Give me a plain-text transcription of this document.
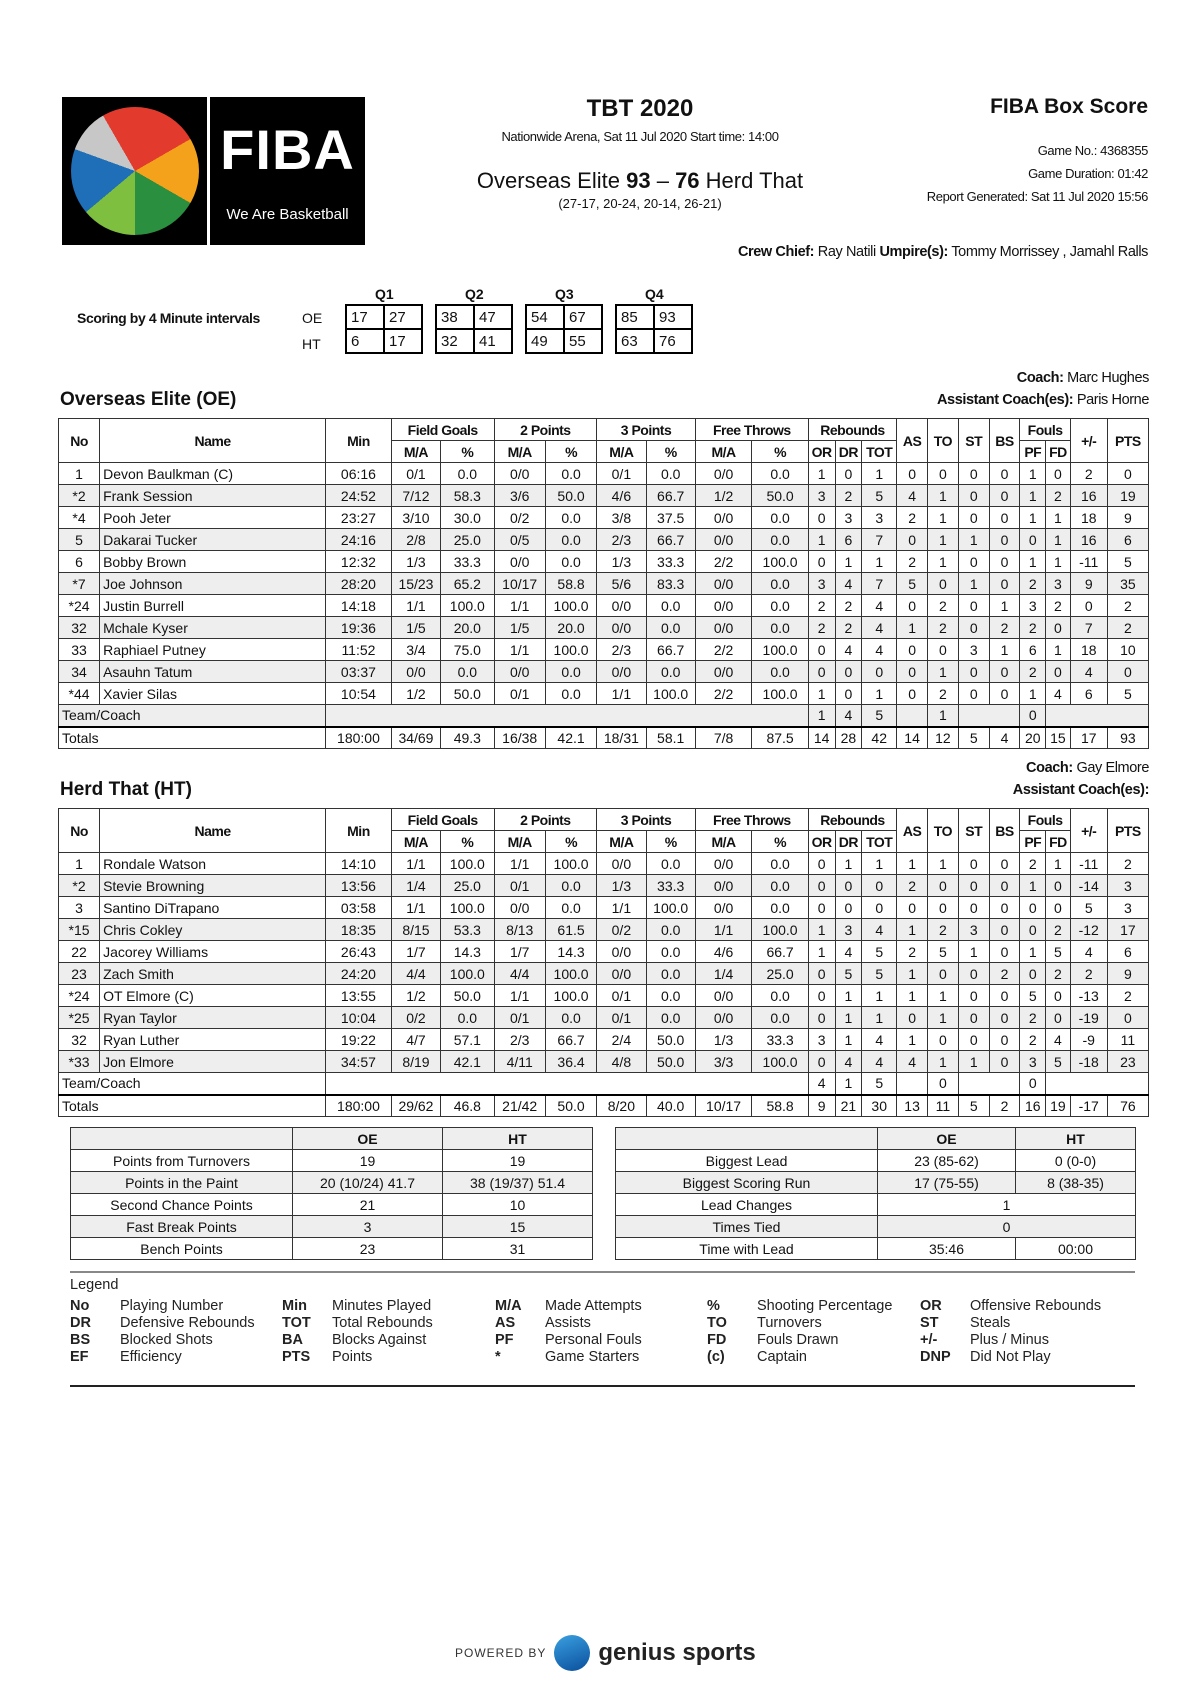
FIBA
We Are Basketball
TBT 2020
Nationwide Arena, Sat 11 Jul 2020 Start time: 14:00
Overseas Elite 93 – 76 Herd That
(27-17, 20-24, 20-14, 26-21)
FIBA Box Score
Game No.: 4368355
Game Duration: 01:42
Report Generated: Sat 11 Jul 2020 15:56
Crew Chief: Ray Natili Umpire(s): Tommy Morrissey , Jamahl Ralls
Scoring by 4 Minute intervals	OE
HT
	OE	HT
Points from Turnovers	19	19
Points in the Paint	20 (10/24) 41.7	38 (19/37) 51.4
Second Chance Points	21	10
Fast Break Points	3	15
Bench Points	23	31
	OE	HT
Biggest Lead	23 (85-62)	0 (0-0)
Biggest Scoring Run	17 (75-55)	8 (38-35)
Lead Changes	1	
Times Tied	0	
Time with Lead	35:46	00:00
Legend
No Playing Number	Min Minutes Played	M/A Made Attempts	%	Shooting Percentage	OR Offensive Rebounds
DR Defensive Rebounds	TOT Total Rebounds	AS Assists	TO Turnovers	ST Steals
BS Blocked Shots	BA Blocks Against	PF Personal Fouls	FD Fouls Drawn	+/- Plus / Minus
EF Efficiency	PTS Points	*	Game Starters	(c) Captain	DNP Did Not Play
POWERED BY genius sports
Q1
17	27
6	17
Q2
38	47
32	41
Q3
54	67
49	55
Q4
85	93
63	76
Coach: Marc Hughes
Assistant Coach(es): Paris Horne
Overseas Elite (OE)
No	Name	Min	Field Goals		2 Points		3 Points		Free Throws		Rebounds			AS	TO	ST	BS	Fouls		+/-	PTS
			M/A	%	M/A	%	M/A	%	M/A	%	OR	DR	TOT					PF	FD		
1	Devon Baulkman (C)	06:16	0/1	0.0	0/0	0.0	0/1	0.0	0/0	0.0	1	0	1	0	0	0	0	1	0	2	0
*2	Frank Session	24:52	7/12	58.3	3/6	50.0	4/6	66.7	1/2	50.0	3	2	5	4	1	0	0	1	2	16	19
*4	Pooh Jeter	23:27	3/10	30.0	0/2	0.0	3/8	37.5	0/0	0.0	0	3	3	2	1	0	0	1	1	18	9
5	Dakarai Tucker	24:16	2/8	25.0	0/5	0.0	2/3	66.7	0/0	0.0	1	6	7	0	1	1	0	0	1	16	6
6	Bobby Brown	12:32	1/3	33.3	0/0	0.0	1/3	33.3	2/2	100.0	0	1	1	2	1	0	0	1	1	-11	5
*7	Joe Johnson	28:20	15/23	65.2	10/17	58.8	5/6	83.3	0/0	0.0	3	4	7	5	0	1	0	2	3	9	35
*24	Justin Burrell	14:18	1/1	100.0	1/1	100.0	0/0	0.0	0/0	0.0	2	2	4	0	2	0	1	3	2	0	2
32	Mchale Kyser	19:36	1/5	20.0	1/5	20.0	0/0	0.0	0/0	0.0	2	2	4	1	2	0	2	2	0	7	2
33	Raphiael Putney	11:52	3/4	75.0	1/1	100.0	2/3	66.7	2/2	100.0	0	4	4	0	0	3	1	6	1	18	10
34	Asauhn Tatum	03:37	0/0	0.0	0/0	0.0	0/0	0.0	0/0	0.0	0	0	0	0	1	0	0	2	0	4	0
*44	Xavier Silas	10:54	1/2	50.0	0/1	0.0	1/1	100.0	2/2	100.0	1	0	1	0	2	0	0	1	4	6	5
Team/Coach											1	4	5		1			0			
Totals		180:00	34/69	49.3	16/38	42.1	18/31	58.1	7/8	87.5	14	28	42	14	12	5	4	20	15	17	93
Coach: Gay Elmore
Assistant Coach(es):
Herd That (HT)
No	Name	Min	Field Goals		2 Points		3 Points		Free Throws		Rebounds			AS	TO	ST	BS	Fouls		+/-	PTS
			M/A	%	M/A	%	M/A	%	M/A	%	OR	DR	TOT					PF	FD		
1	Rondale Watson	14:10	1/1	100.0	1/1	100.0	0/0	0.0	0/0	0.0	0	1	1	1	1	0	0	2	1	-11	2
*2	Stevie Browning	13:56	1/4	25.0	0/1	0.0	1/3	33.3	0/0	0.0	0	0	0	2	0	0	0	1	0	-14	3
3	Santino DiTrapano	03:58	1/1	100.0	0/0	0.0	1/1	100.0	0/0	0.0	0	0	0	0	0	0	0	0	0	5	3
*15	Chris Cokley	18:35	8/15	53.3	8/13	61.5	0/2	0.0	1/1	100.0	1	3	4	1	2	3	0	0	2	-12	17
22	Jacorey Williams	26:43	1/7	14.3	1/7	14.3	0/0	0.0	4/6	66.7	1	4	5	2	5	1	0	1	5	4	6
23	Zach Smith	24:20	4/4	100.0	4/4	100.0	0/0	0.0	1/4	25.0	0	5	5	1	0	0	2	0	2	2	9
*24	OT Elmore (C)	13:55	1/2	50.0	1/1	100.0	0/1	0.0	0/0	0.0	0	1	1	1	1	0	0	5	0	-13	2
*25	Ryan Taylor	10:04	0/2	0.0	0/1	0.0	0/1	0.0	0/0	0.0	0	1	1	0	1	0	0	2	0	-19	0
32	Ryan Luther	19:22	4/7	57.1	2/3	66.7	2/4	50.0	1/3	33.3	3	1	4	1	0	0	0	2	4	-9	11
*33	Jon Elmore	34:57	8/19	42.1	4/11	36.4	4/8	50.0	3/3	100.0	0	4	4	4	1	1	0	3	5	-18	23
Team/Coach											4	1	5		0			0			
Totals		180:00	29/62	46.8	21/42	50.0	8/20	40.0	10/17	58.8	9	21	30	13	11	5	2	16	19	-17	76
